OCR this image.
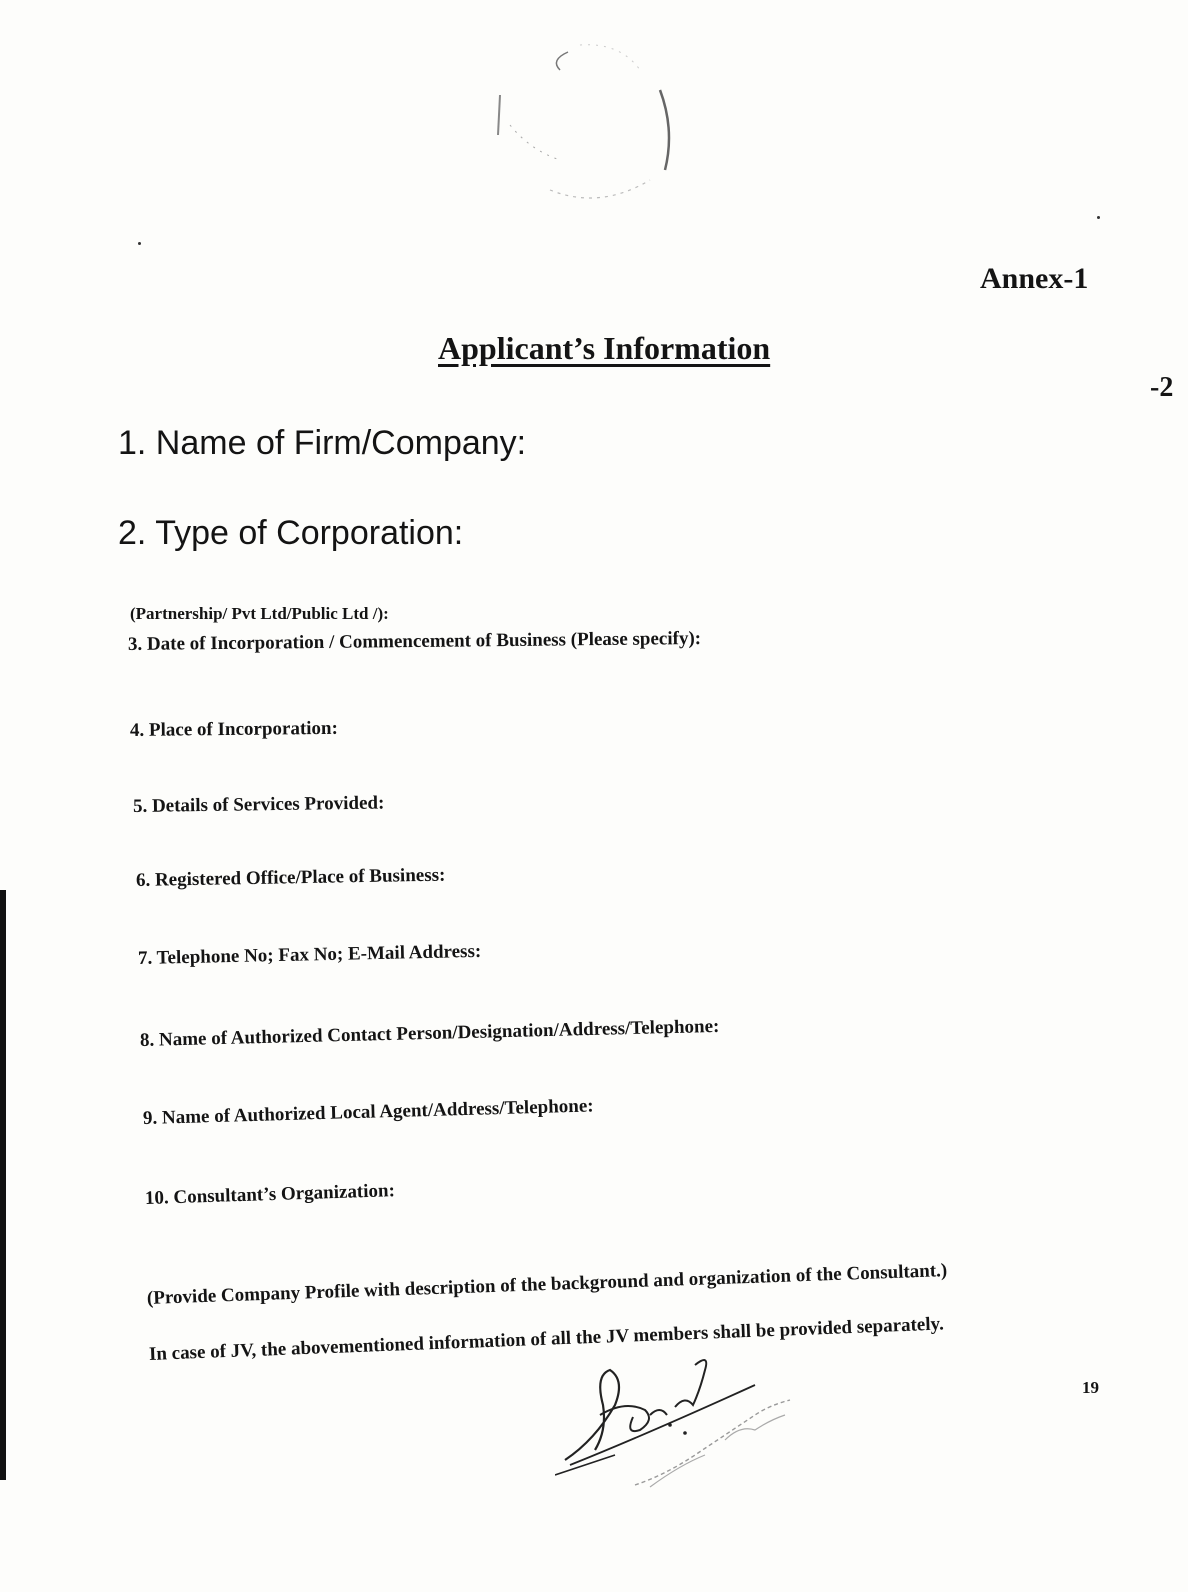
Annex-1
Applicant’s Information
-2
1. Name of Firm/Company:
2. Type of Corporation:
(Partnership/ Pvt Ltd/Public Ltd /):
3. Date of Incorporation / Commencement of Business (Please specify):
4. Place of Incorporation:
5. Details of Services Provided:
6. Registered Office/Place of Business:
7. Telephone No; Fax No; E-Mail Address:
8. Name of Authorized Contact Person/Designation/Address/Telephone:
9. Name of Authorized Local Agent/Address/Telephone:
10. Consultant’s Organization:
(Provide Company Profile with description of the background and organization of the Consultant.)
In case of JV, the abovementioned information of all the JV members shall be provided separately.
19
